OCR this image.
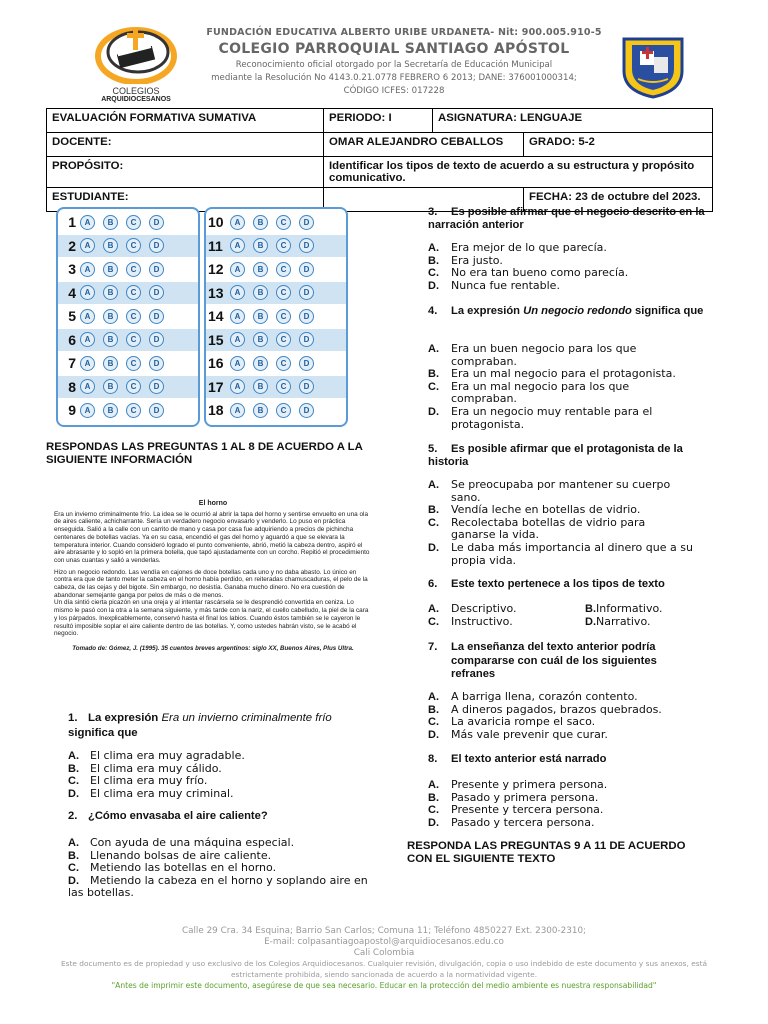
COLEGIOS
ARQUIDIOCESANOS
FUNDACIÓN EDUCATIVA ALBERTO URIBE URDANETA- Nit: 900.005.910-5
COLEGIO PARROQUIAL SANTIAGO APÓSTOL
Reconocimiento oficial otorgado por la Secretaría de Educación Municipal
mediante la Resolución No 4143.0.21.0778 FEBRERO 6 2013; DANE: 376001000314;
CÓDIGO ICFES: 017228
EVALUACIÓN FORMATIVA SUMATIVA	PERIODO: I	ASIGNATURA: LENGUAJE	
DOCENTE:	OMAR ALEJANDRO CEBALLOS		GRADO: 5-2
PROPÓSITO:	Identificar los tipos de texto de acuerdo a su estructura y propósito comunicativo.		
ESTUDIANTE:			FECHA: 23 de octubre del 2023.
1	A	B	C	D
2	A	B	C	D
3	A	B	C	D
4	A	B	C	D
5	A	B	C	D
6	A	B	C	D
7	A	B	C	D
8	A	B	C	D
9	A	B	C	D
10	A	B	C	D
11	A	B	C	D
12	A	B	C	D
13	A	B	C	D
14	A	B	C	D
15	A	B	C	D
16	A	B	C	D
17	A	B	C	D
18	A	B	C	D
RESPONDAS LAS PREGUNTAS 1 AL 8 DE ACUERDO A LA SIGUIENTE INFORMACIÓN
El horno
Era un invierno criminalmente frío. La idea se le ocurrió al abrir la tapa del horno y sentirse envuelto en una ola de aires caliente, achicharrante. Sería un verdadero negocio envasarlo y venderlo. Lo puso en práctica enseguida. Salió a la calle con un carrito de mano y casa por casa fue adquiriendo a precios de pichincha centenares de botellas vacías. Ya en su casa, encendió el gas del horno y aguardó a que se elevara la temperatura interior. Cuando consideró logrado el punto conveniente, abrió, metió la cabeza dentro, aspiró el aire abrasante y lo sopló en la primera botella, que tapó ajustadamente con un corcho. Repitió el procedimiento con unas cuantas y salió a venderlas.
Hizo un negocio redondo. Las vendía en cajones de doce botellas cada uno y no daba abasto. Lo único en contra era que de tanto meter la cabeza en el horno había perdido, en reiteradas chamuscaduras, el pelo de la cabeza, de las cejas y del bigote. Sin embargo, no desistía. Ganaba mucho dinero. No era cuestión de abandonar semejante ganga por pelos de más o de menos.
Un día sintió cierta picazón en una oreja y al intentar rascársela se le desprendió convertida en ceniza. Lo mismo le pasó con la otra a la semana siguiente, y más tarde con la nariz, el cuello cabelludo, la piel de la cara y los párpados. Inexplicablemente, conservó hasta el final los labios. Cuando éstos también se le cayeron le resultó imposible soplar el aire caliente dentro de las botellas. Y, como ustedes habrán visto, se le acabó el negocio.
Tomado de: Gómez, J. (1995). 35 cuentos breves argentinos: siglo XX, Buenos Aires, Plus Ultra.
1. La expresión Era un invierno criminalmente frío significa que
A. El clima era muy agradable.
B. El clima era muy cálido.
C. El clima era muy frío.
D. El clima era muy criminal.
2. ¿Cómo envasaba el aire caliente?
A. Con ayuda de una máquina especial.
B. Llenando bolsas de aire caliente.
C. Metiendo las botellas en el horno.
D. Metiendo la cabeza en el horno y soplando aire en las botellas.
3. Es posible afirmar que el negocio descrito en la narración anterior
A. Era mejor de lo que parecía.
B. Era justo.
C. No era tan bueno como parecía.
D. Nunca fue rentable.
4. La expresión Un negocio redondo significa que
A.	Era un buen negocio para los que compraban.
B.	Era un mal negocio para el protagonista.
C.	Era un mal negocio para los que compraban.
D.	Era un negocio muy rentable para el protagonista.
5. Es posible afirmar que el protagonista de la historia
A.	Se preocupaba por mantener su cuerpo sano.
B.	Vendía leche en botellas de vidrio.
C.	Recolectaba botellas de vidrio para ganarse la vida.
D.	Le daba más importancia al dinero que a su propia vida.
6. Este texto pertenece a los tipos de texto
A. Descriptivo.	B.Informativo.
C. Instructivo.	D.Narrativo.
7.	La enseñanza del texto anterior podría compararse con cuál de los siguientes refranes
A. A barriga llena, corazón contento.
B. A dineros pagados, brazos quebrados.
C. La avaricia rompe el saco.
D. Más vale prevenir que curar.
8. El texto anterior está narrado
A. Presente y primera persona.
B. Pasado y primera persona.
C. Presente y tercera persona.
D. Pasado y tercera persona.
RESPONDA LAS PREGUNTAS 9 A 11 DE ACUERDO CON EL SIGUIENTE TEXTO
Calle 29 Cra. 34 Esquina; Barrio San Carlos; Comuna 11; Teléfono 4850227 Ext. 2300-2310;
E-mail: colpasantiagoapostol@arquidiocesanos.edu.co
Cali Colombia
Este documento es de propiedad y uso exclusivo de los Colegios Arquidiocesanos. Cualquier revisión, divulgación, copia o uso indebido de este documento y sus anexos, está
estrictamente prohibida, siendo sancionada de acuerdo a la normatividad vigente.
"Antes de imprimir este documento, asegúrese de que sea necesario. Educar en la protección del medio ambiente es nuestra responsabilidad"
